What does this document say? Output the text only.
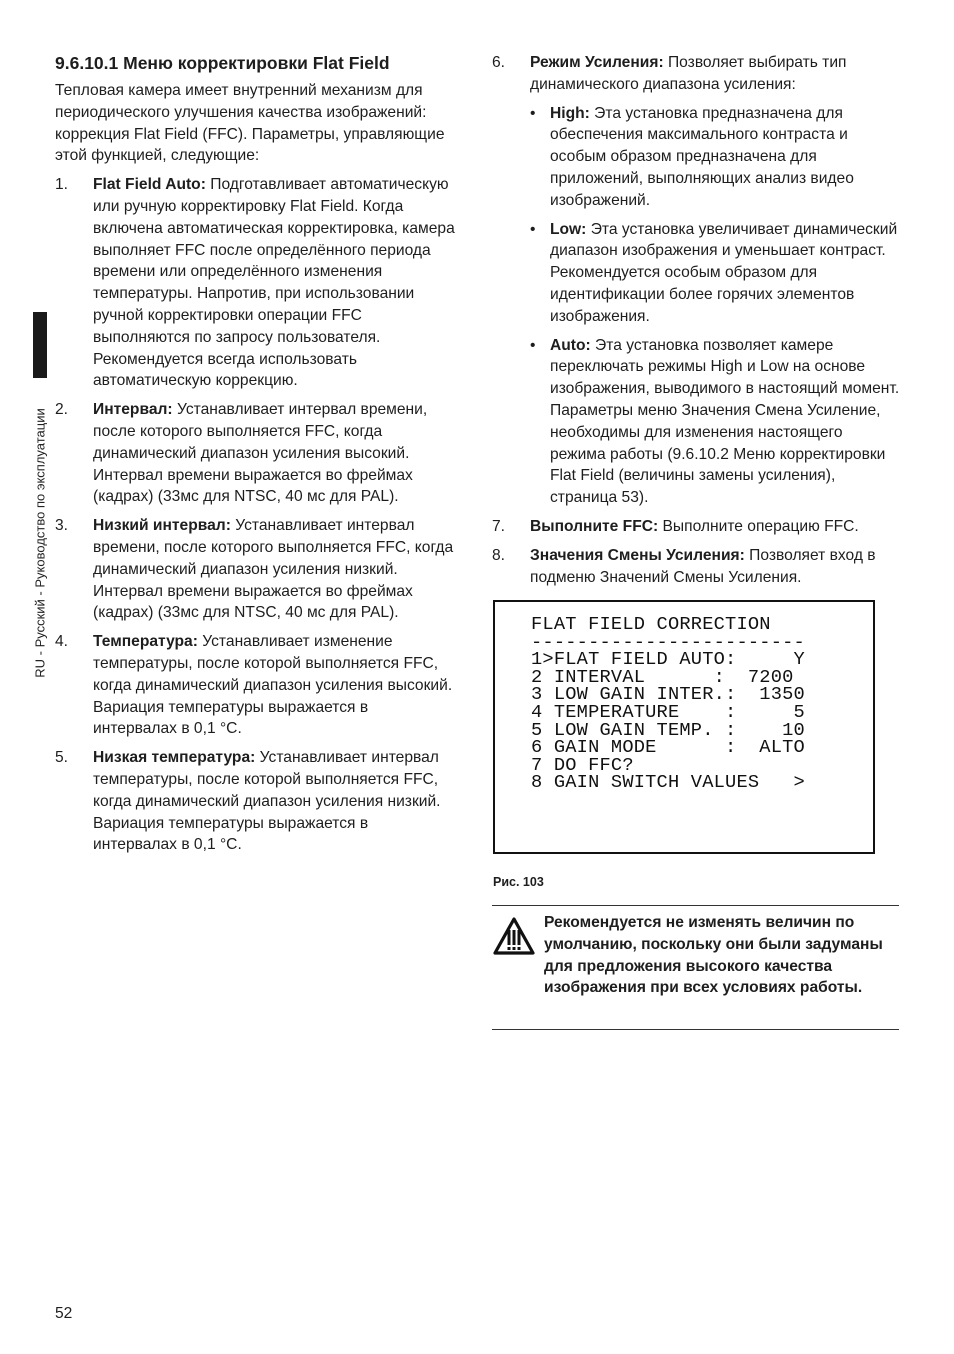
RU - Русский - Руководство по эксплуатации
9.6.10.1 Меню корректировки Flat Field

Тепловая камера имеет внутренний механизм для периодического улучшения качества изображений: коррекция Flat Field (FFC). Параметры, управляющие этой функцией, следующие:

1. Flat Field Auto: Подготавливает автоматическую или ручную корректировку Flat Field. Когда включена автоматическая корректировка, камера выполняет FFC после определённого периода времени или определённого изменения температуры. Напротив, при использовании ручной корректировки операции FFC выполняются по запросу пользователя. Рекомендуется всегда использовать автоматическую коррекцию.
2. Интервал: Устанавливает интервал времени, после которого выполняется FFC, когда динамический диапазон усиления высокий. Интервал времени выражается во фреймах (кадрах) (33мс для NTSC, 40 мс для PAL).
3. Низкий интервал: Устанавливает интервал времени, после которого выполняется FFC, когда динамический диапазон усиления низкий. Интервал времени выражается во фреймах (кадрах) (33мс для NTSC, 40 мс для PAL).
4. Температура: Устанавливает изменение температуры, после которой выполняется FFC, когда динамический диапазон усиления высокий. Вариация температуры выражается в интервалах в 0,1 °C.
5. Низкая температура: Устанавливает интервал температуры, после которой выполняется FFC, когда динамический диапазон усиления низкий. Вариация температуры выражается в интервалах в 0,1 °C.
6. Режим Усиления: Позволяет выбирать тип динамического диапазона усиления:
• High: Эта установка предназначена для обеспечения максимального контраста и особым образом предназначена для приложений, выполняющих анализ видео изображений.
• Low: Эта установка увеличивает динамический диапазон изображения и уменьшает контраст. Рекомендуется особым образом для идентификации более горячих элементов изображения.
• Auto: Эта установка позволяет камере переключать режимы High и Low на основе изображения, выводимого в настоящий момент. Параметры меню Значения Смена Усиление, необходимы для изменения настоящего режима работы (9.6.10.2 Меню корректировки Flat Field (величины замены усиления), страница 53).
7. Выполните FFC: Выполните операцию FFC.
8. Значения Смены Усиления: Позволяет вход в подменю Значений Смены Усиления.
FLAT FIELD CORRECTION
------------------------
1>FLAT FIELD AUTO:     Y
2 INTERVAL      :  7200
3 LOW GAIN INTER.:  1350
4 TEMPERATURE    :     5
5 LOW GAIN TEMP. :    10
6 GAIN MODE      :  ALTO
7 DO FFC?
8 GAIN SWITCH VALUES   >
Рис. 103
Рекомендуется не изменять величин по умолчанию, поскольку они были задуманы для предложения высокого качества изображения при всех условиях работы.
52
